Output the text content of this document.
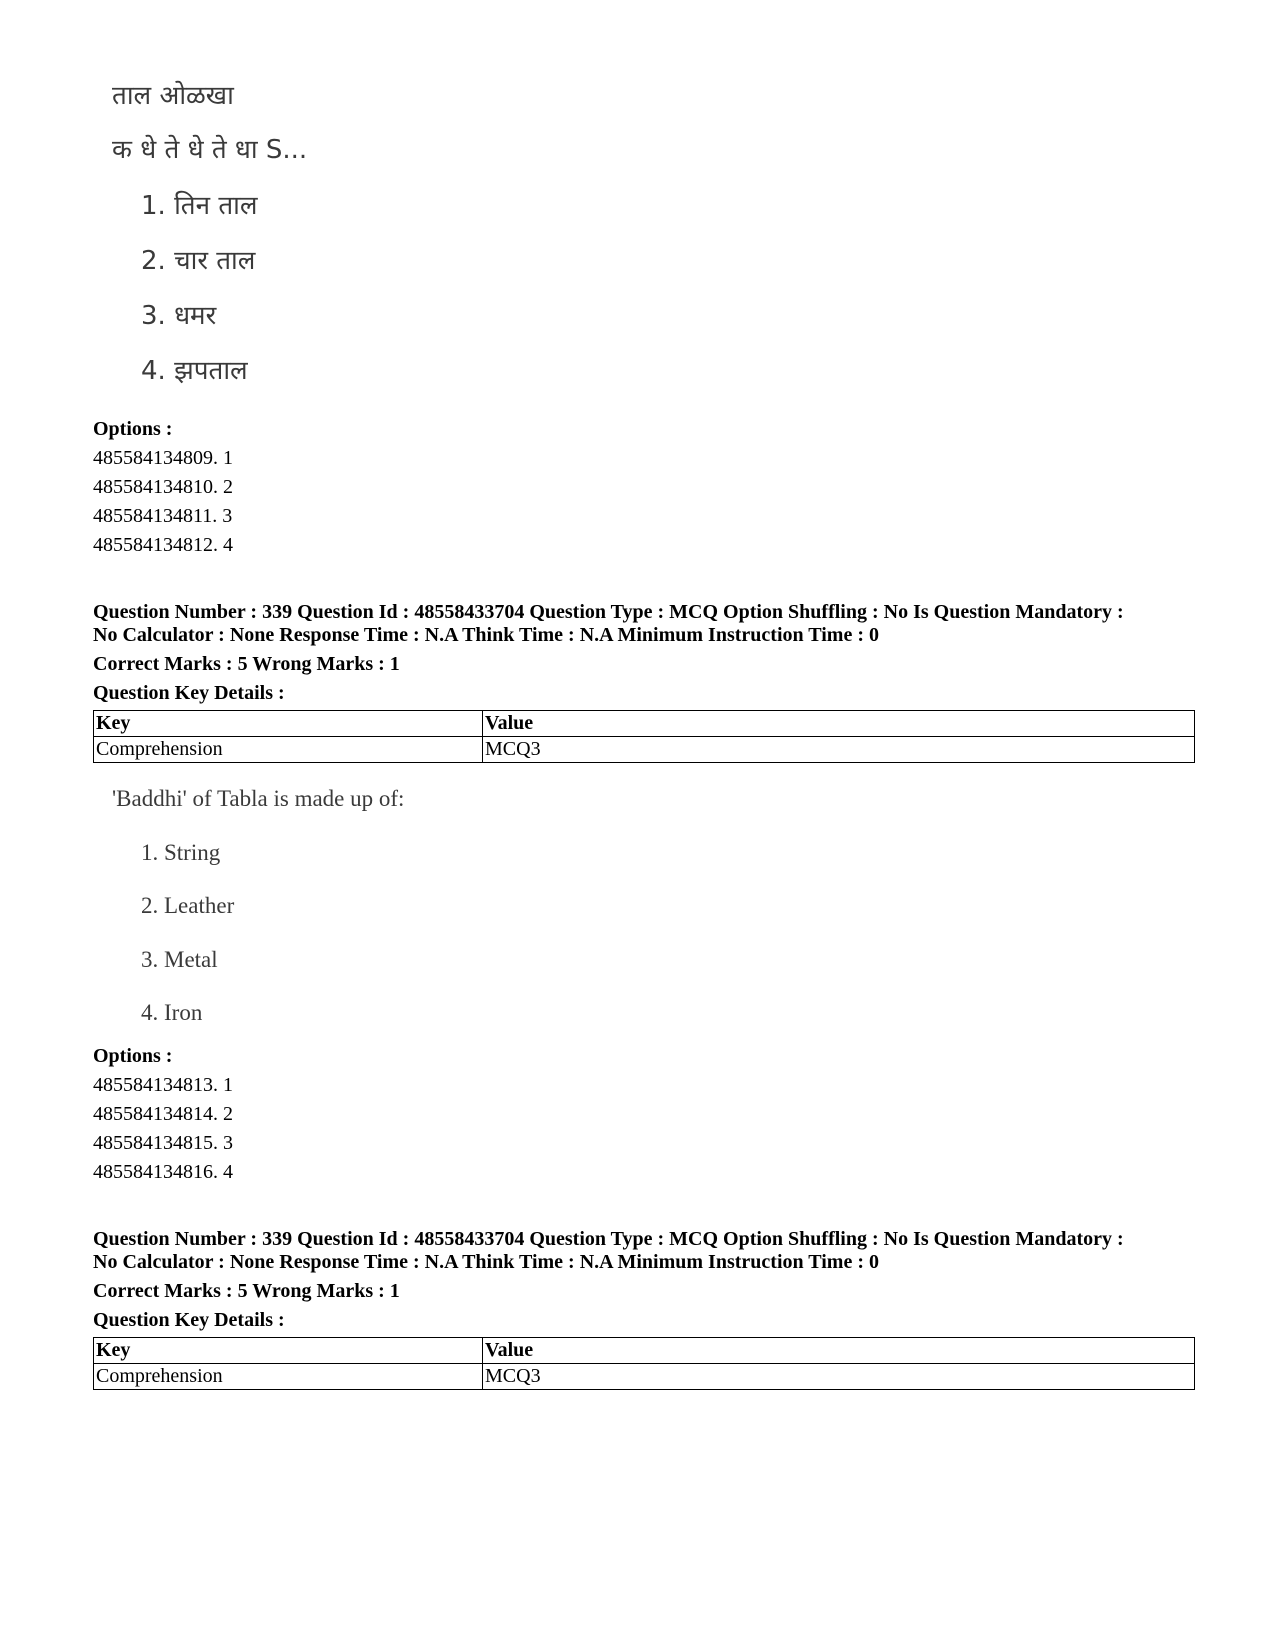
ताल ओळखा
क धे ते धे ते धा S...
1. तिन ताल
2. चार ताल
3. धमर
4. झपताल
Options :
485584134809. 1
485584134810. 2
485584134811. 3
485584134812. 4
Question Number : 339 Question Id : 48558433704 Question Type : MCQ Option Shuffling : No Is Question Mandatory :
No Calculator : None Response Time : N.A Think Time : N.A Minimum Instruction Time : 0
Correct Marks : 5 Wrong Marks : 1
Question Key Details :
Key	Value
Comprehension	MCQ3
'Baddhi' of Tabla is made up of:
1. String
2. Leather
3. Metal
4. Iron
Options :
485584134813. 1
485584134814. 2
485584134815. 3
485584134816. 4
Question Number : 339 Question Id : 48558433704 Question Type : MCQ Option Shuffling : No Is Question Mandatory :
No Calculator : None Response Time : N.A Think Time : N.A Minimum Instruction Time : 0
Correct Marks : 5 Wrong Marks : 1
Question Key Details :
Key	Value
Comprehension	MCQ3
